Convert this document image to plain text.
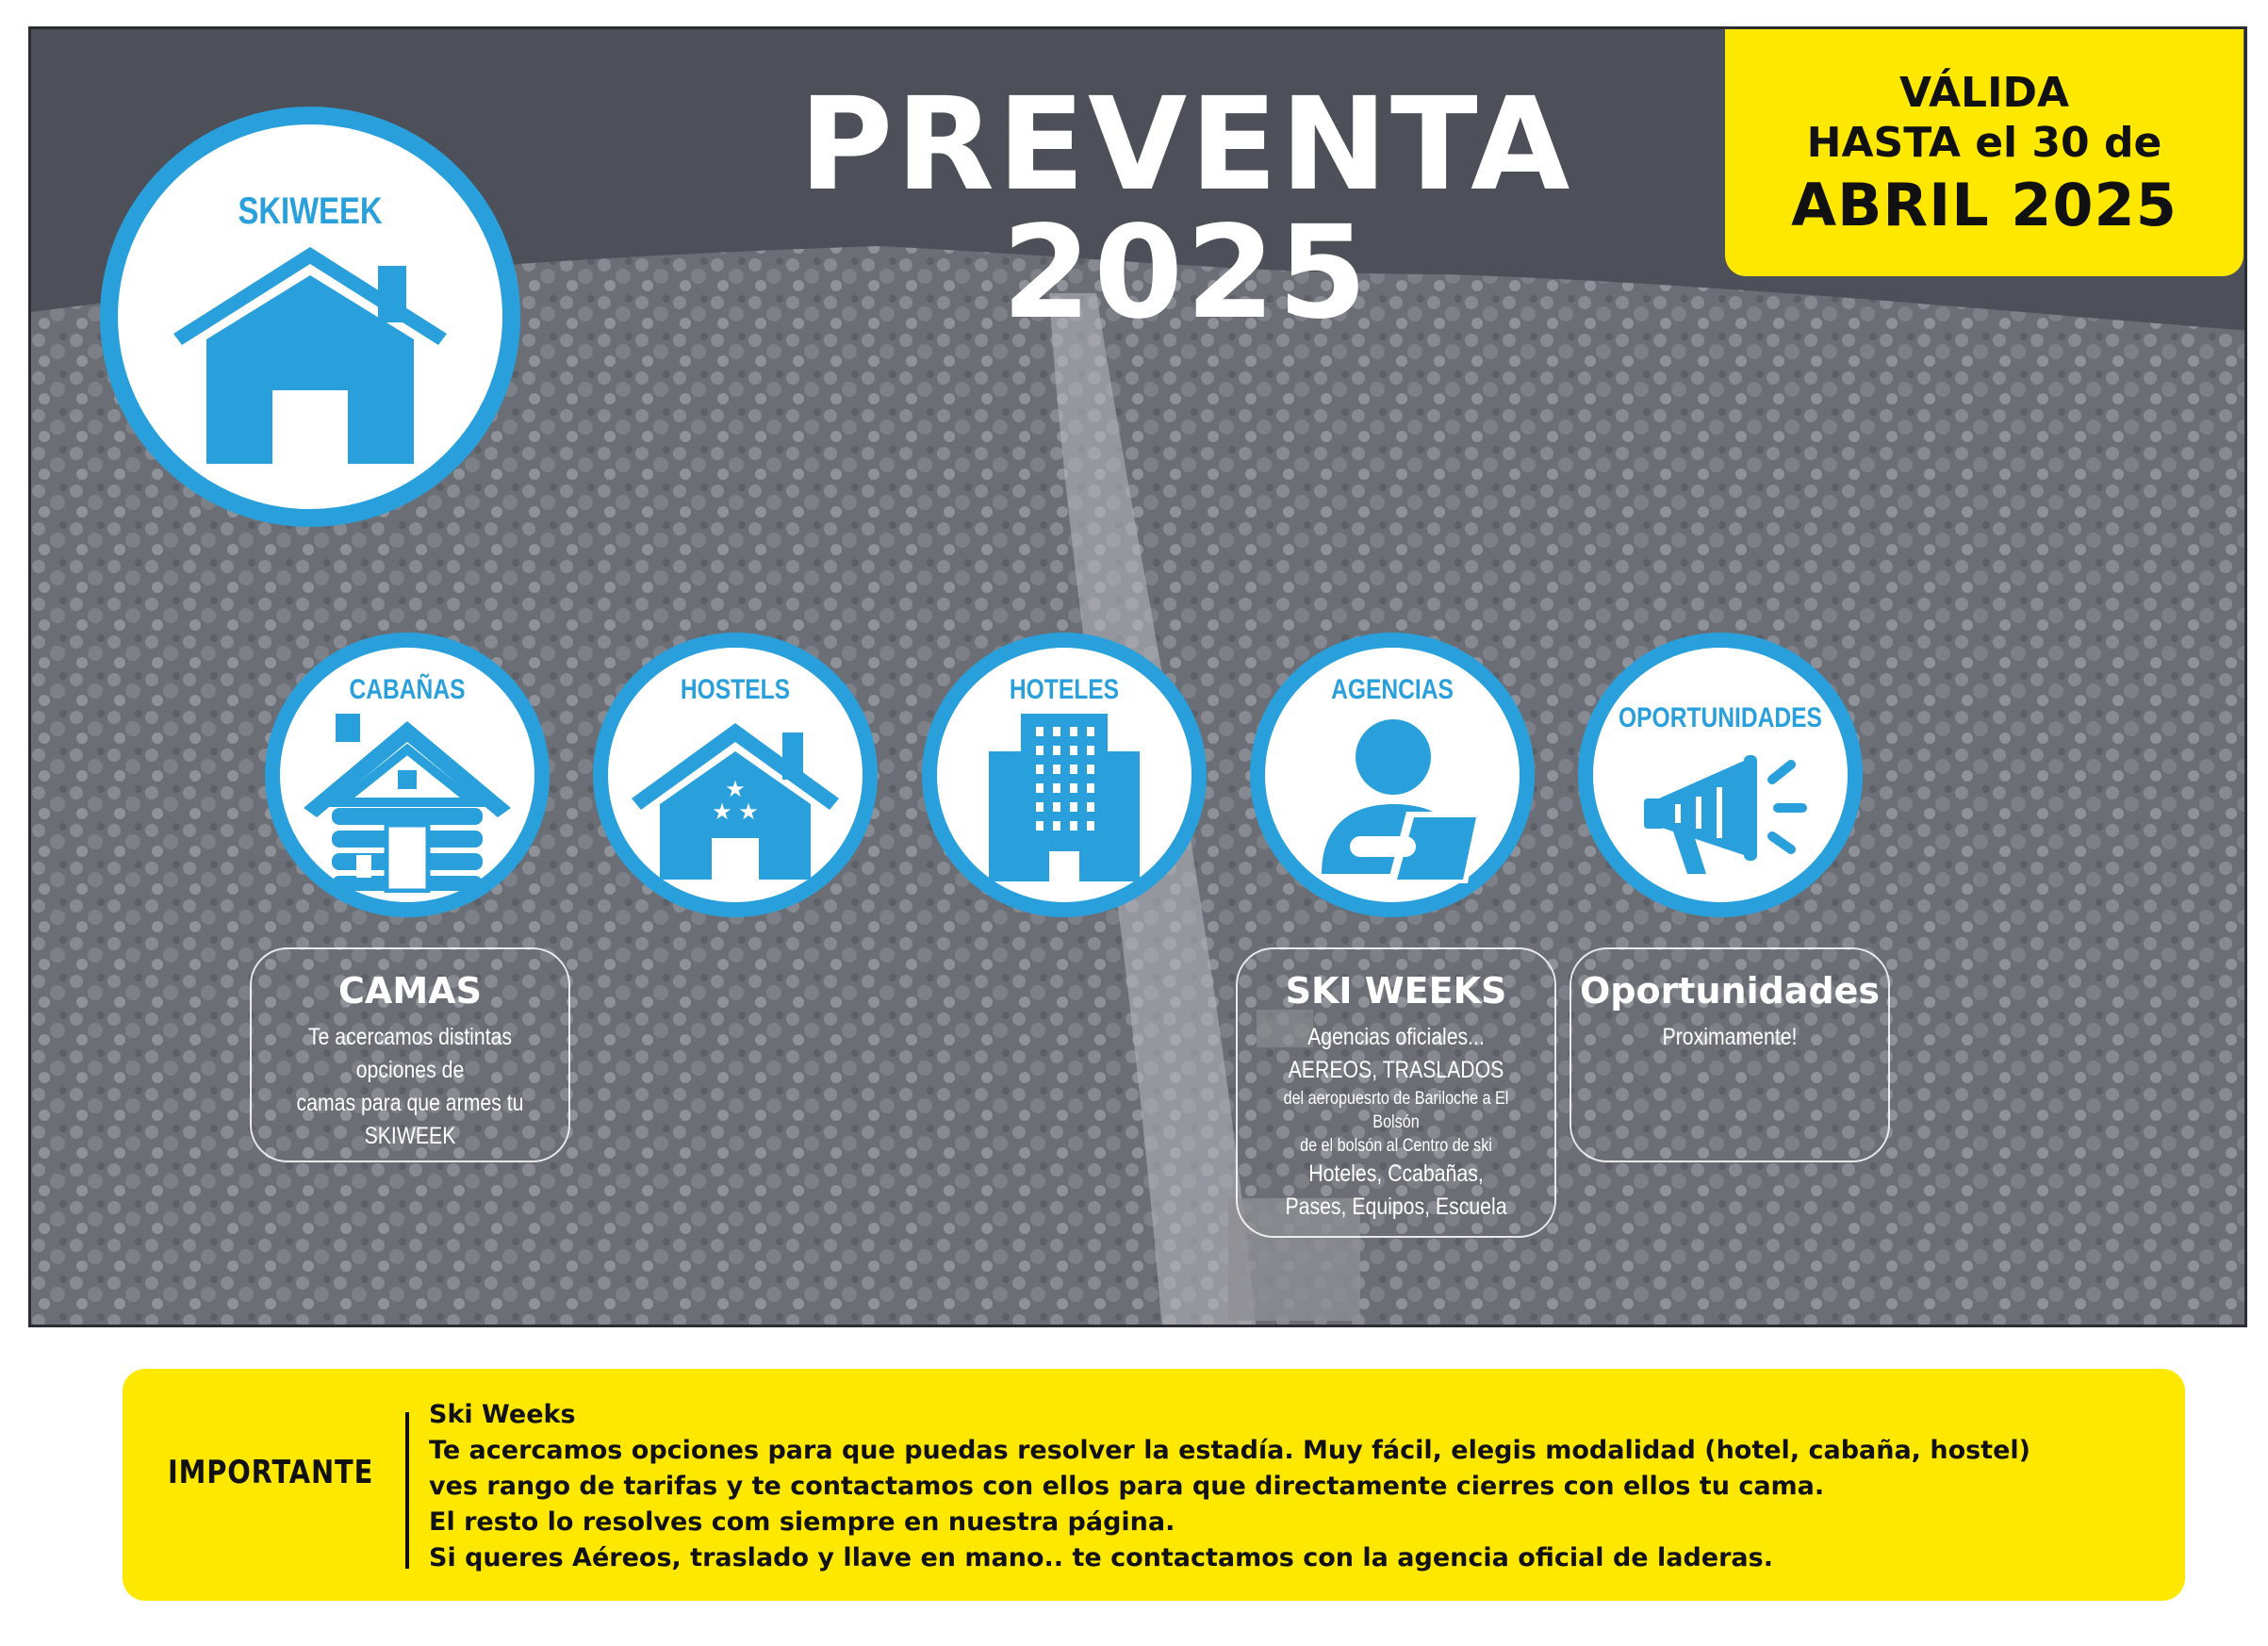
PREVENTA 2025
VÁLIDA
HASTA el 30 de
ABRIL 2025
SKIWEEK
CABAÑAS	HOSTELS
★
★ ★
HOTELES	AGENCIAS
OPORTUNIDADES
CAMAS
Te acercamos distintas opciones de
camas para que armes tu SKIWEEK
SKI WEEKS
Agencias oficiales...
AEREOS, TRASLADOS
del aeropuesrto de Bariloche a El Bolsón
de el bolsón al Centro de ski
Hoteles, Ccabañas,
Pases, Equipos, Escuela
Oportunidades
Proximamente!
IMPORTANTE
Ski Weeks
Te acercamos opciones para que puedas resolver la estadía. Muy fácil, elegis modalidad (hotel, cabaña, hostel)
ves rango de tarifas y te contactamos con ellos para que directamente cierres con ellos tu cama.
El resto lo resolves com siempre en nuestra página.
Si queres Aéreos, traslado y llave en mano.. te contactamos con la agencia oficial de laderas.
